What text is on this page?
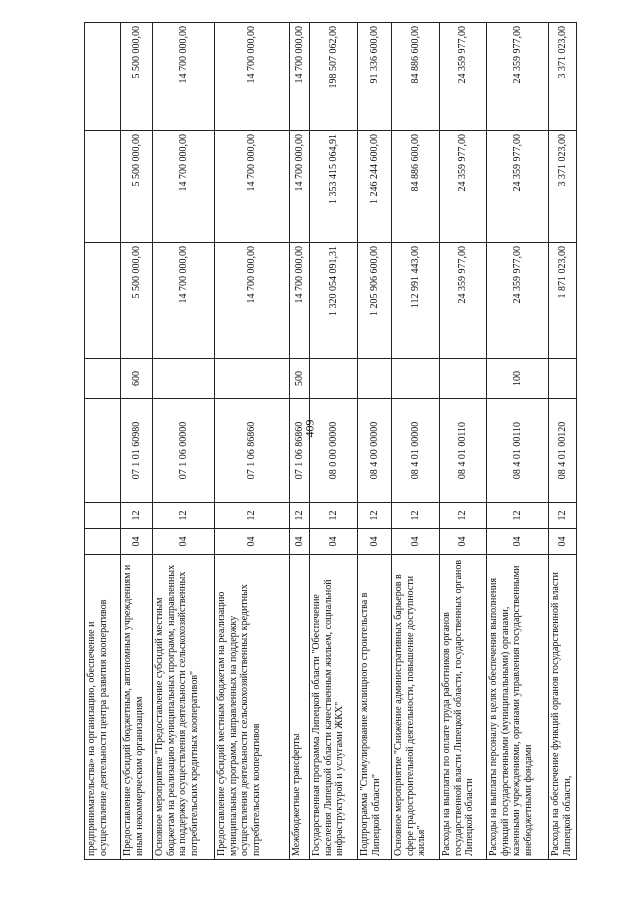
409
предпринимательства» на организацию, обеспечение и осуществление деятельности центра развития кооперативов							
Предоставление субсидий бюджетным, автономным учреждениям и иным некоммерческим организациям	04	12	07 1 01 60980	600	5 500 000,00	5 500 000,00	5 500 000,00
Основное мероприятие "Предоставление субсидий местным бюджетам на реализацию муниципальных программ, направленных на поддержку осуществления деятельности сельскохозяйственных потребительских кредитных кооперативов"	04	12	07 1 06 00000		14 700 000,00	14 700 000,00	14 700 000,00
Предоставление субсидий местным бюджетам на реализацию муниципальных программ, направленных на поддержку осуществления деятельности сельскохозяйственных кредитных потребительских кооперативов	04	12	07 1 06 86860		14 700 000,00	14 700 000,00	14 700 000,00
Межбюджетные трансферты	04	12	07 1 06 86860	500	14 700 000,00	14 700 000,00	14 700 000,00
Государственная программа Липецкой области "Обеспечение населения Липецкой области качественным жильем, социальной инфраструктурой и услугами ЖКХ"	04	12	08 0 00 00000		1 320 054 091,31	1 353 415 064,91	198 507 062,00
Подпрограмма "Стимулирование жилищного строительства в Липецкой области"	04	12	08 4 00 00000		1 205 906 600,00	1 246 244 600,00	91 336 600,00
Основное мероприятие "Снижение административных барьеров в сфере градостроительной деятельности, повышение доступности жилья"	04	12	08 4 01 00000		112 991 443,00	84 886 600,00	84 886 600,00
Расходы на выплаты по оплате труда работников органов государственной власти Липецкой области, государственных органов Липецкой области	04	12	08 4 01 00110		24 359 977,00	24 359 977,00	24 359 977,00
Расходы на выплаты персоналу в целях обеспечения выполнения функций государственными (муниципальными) органами, казенными учреждениями, органами управления государственными внебюджетными фондами	04	12	08 4 01 00110	100	24 359 977,00	24 359 977,00	24 359 977,00
Расходы на обеспечение функций органов государственной власти Липецкой области,	04	12	08 4 01 00120		1 871 023,00	3 371 023,00	3 371 023,00
